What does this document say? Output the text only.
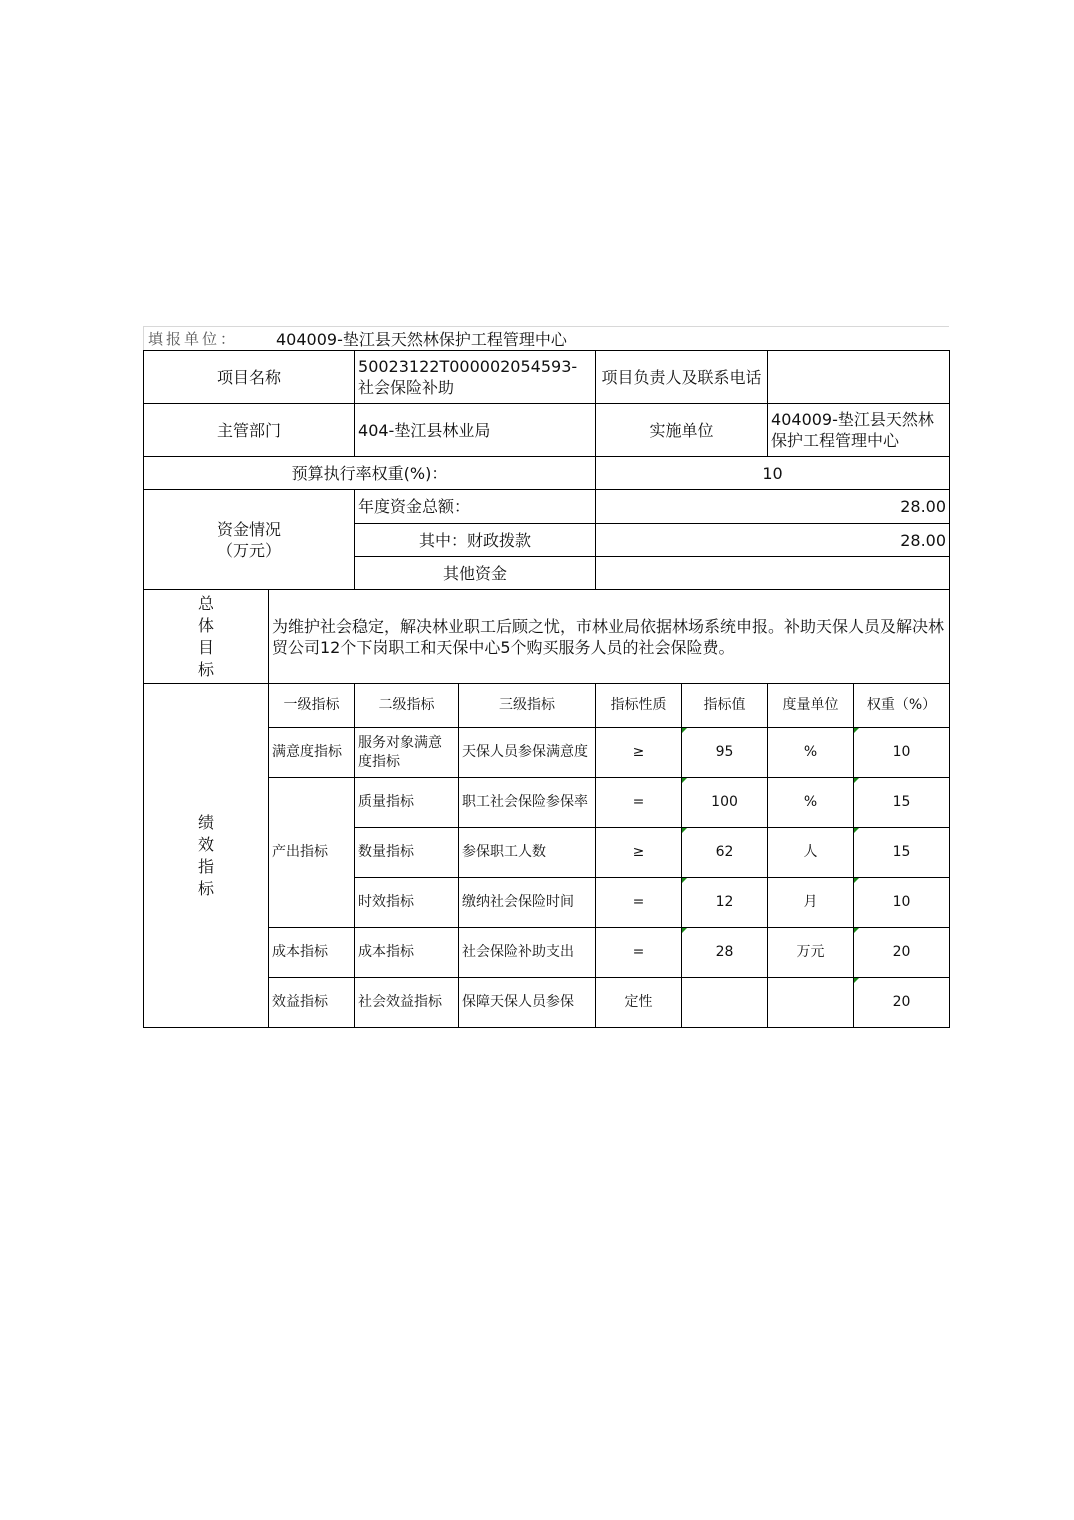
填报单位：	404009-垫江县天然林保护工程管理中心
项目名称		50023122T000002054593-社会保险补助		项目负责人及联系电话			
主管部门		404-垫江县林业局		实施单位		404009-垫江县天然林保护工程管理中心	
预算执行率权重(%)：				10			

资金情况
（万元）		年度资金总额：		28.00			
		其中：财政拨款		28.00			
		其他资金					

总
体
目
标	为维护社会稳定，解决林业职工后顾之忧，市林业局依据林场系统申报。补助天保人员及解决林贸公司12个下岗职工和天保中心5个购买服务人员的社会保险费。						

绩
效
指
标	一级指标	二级指标	三级指标	指标性质	指标值	度量单位	权重（%）
	满意度指标	服务对象满意度指标	天保人员参保满意度	≥	95	%	10
	产出指标	质量指标	职工社会保险参保率	=	100	%	15
		数量指标	参保职工人数	≥	62	人	15
		时效指标	缴纳社会保险时间	=	12	月	10
	成本指标	成本指标	社会保险补助支出	=	28	万元	20
	效益指标	社会效益指标	保障天保人员参保	定性			20
